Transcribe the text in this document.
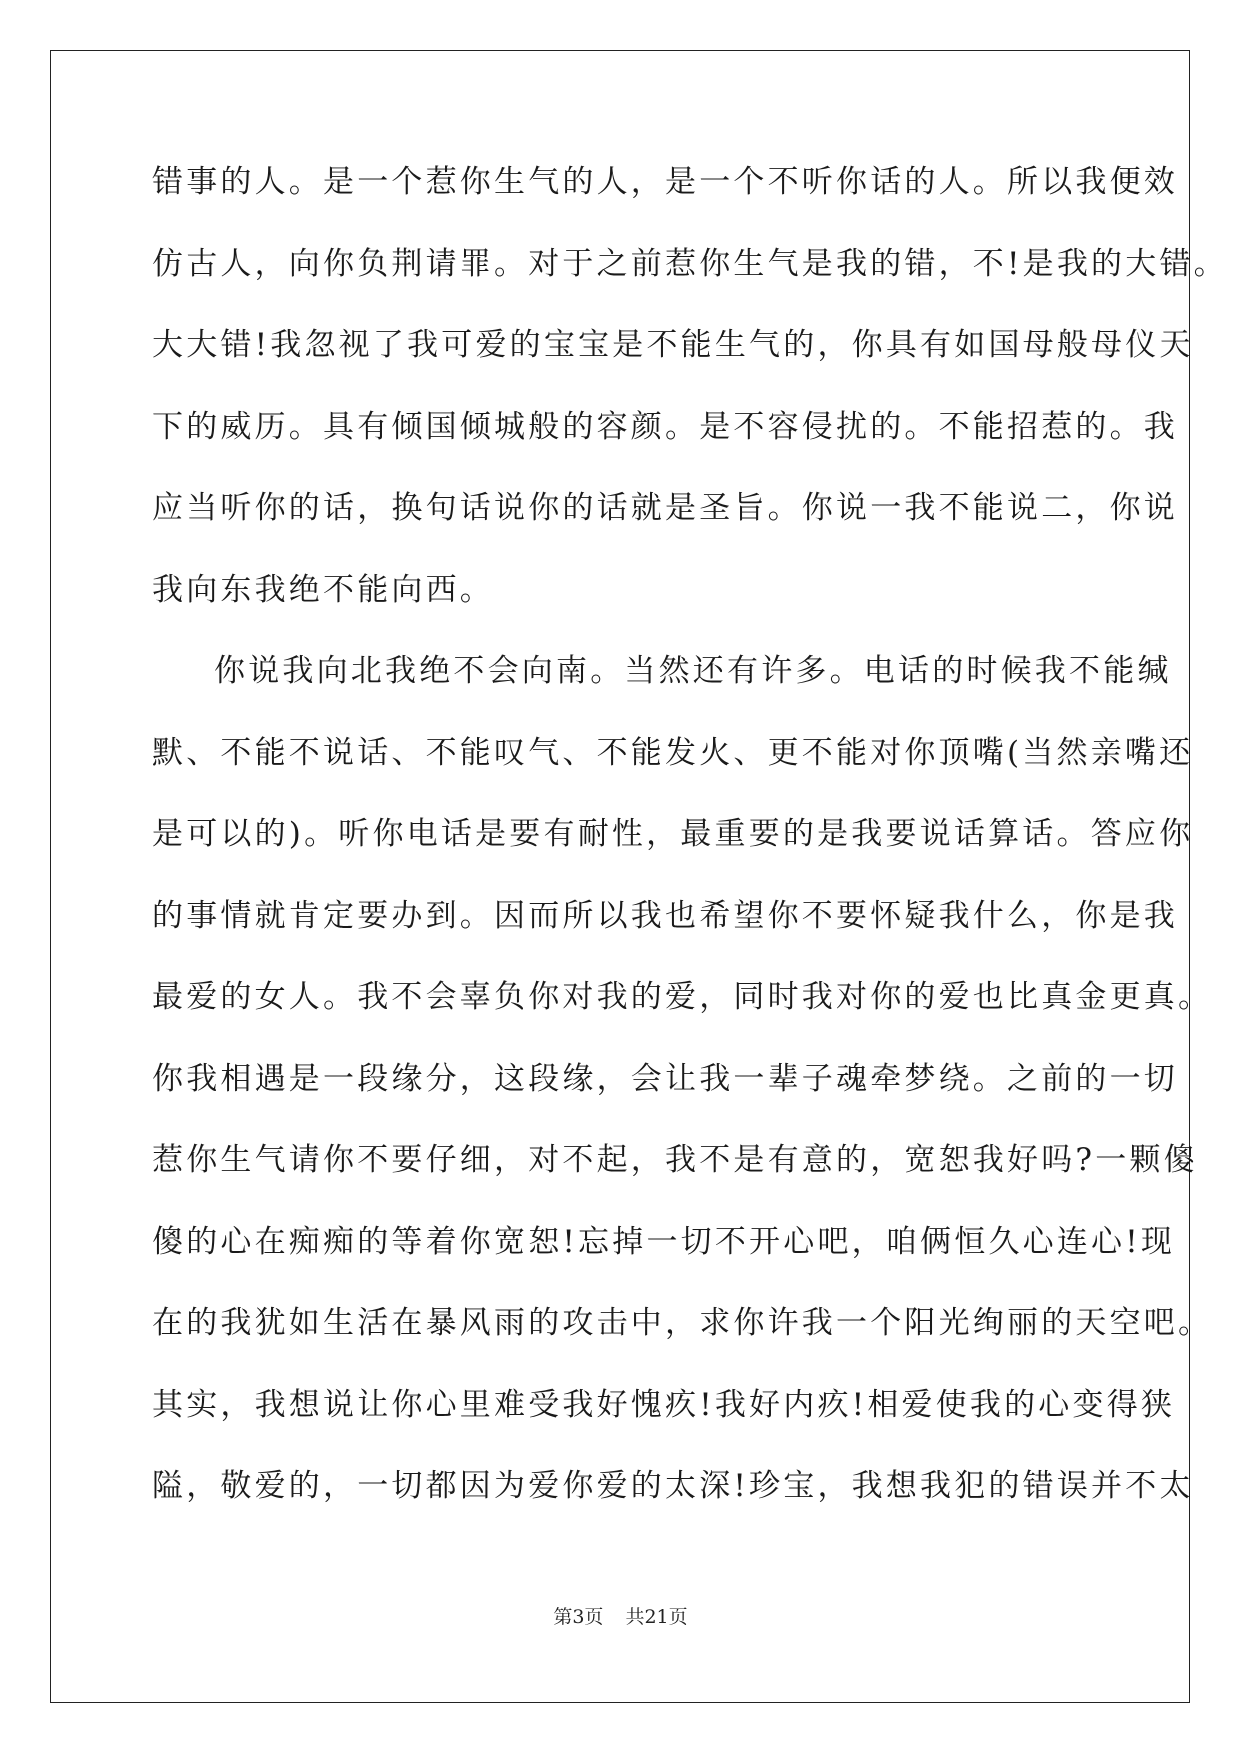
错事的人。是一个惹你生气的人，是一个不听你话的人。所以我便效
仿古人，向你负荆请罪。对于之前惹你生气是我的错，不!是我的大错。
大大错!我忽视了我可爱的宝宝是不能生气的，你具有如国母般母仪天
下的威历。具有倾国倾城般的容颜。是不容侵扰的。不能招惹的。我
应当听你的话，换句话说你的话就是圣旨。你说一我不能说二，你说
我向东我绝不能向西。
你说我向北我绝不会向南。当然还有许多。电话的时候我不能缄
默、不能不说话、不能叹气、不能发火、更不能对你顶嘴(当然亲嘴还
是可以的)。听你电话是要有耐性，最重要的是我要说话算话。答应你
的事情就肯定要办到。因而所以我也希望你不要怀疑我什么，你是我
最爱的女人。我不会辜负你对我的爱，同时我对你的爱也比真金更真。
你我相遇是一段缘分，这段缘，会让我一辈子魂牵梦绕。之前的一切
惹你生气请你不要仔细，对不起，我不是有意的，宽恕我好吗?一颗傻
傻的心在痴痴的等着你宽恕!忘掉一切不开心吧，咱俩恒久心连心!现
在的我犹如生活在暴风雨的攻击中，求你许我一个阳光绚丽的天空吧。
其实，我想说让你心里难受我好愧疚!我好内疚!相爱使我的心变得狭
隘，敬爱的，一切都因为爱你爱的太深!珍宝，我想我犯的错误并不太
第3页 共21页
